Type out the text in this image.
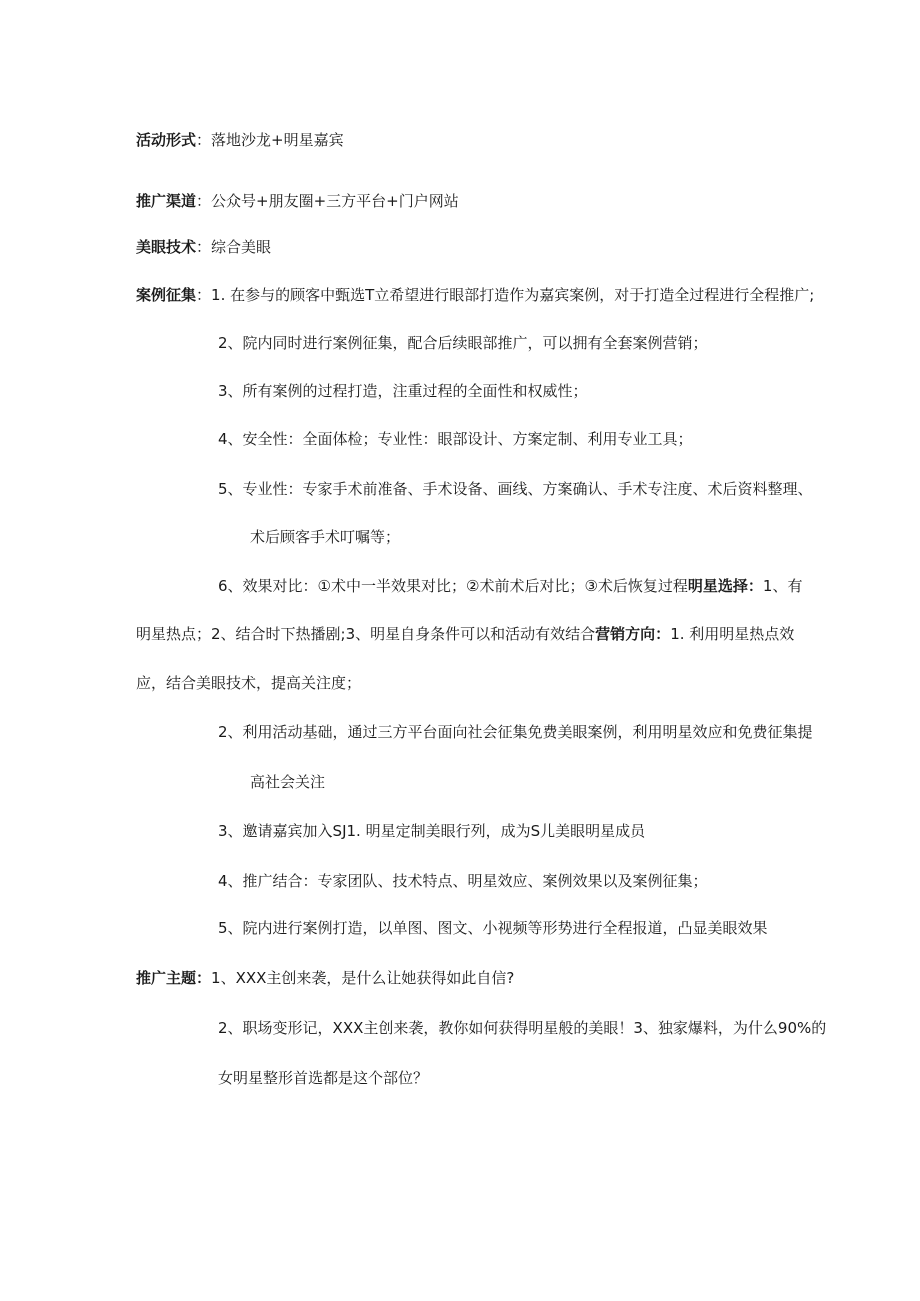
活动形式：落地沙龙+明星嘉宾
推广渠道：公众号+朋友圈+三方平台+门户网站
美眼技术：综合美眼
案例征集：1. 在参与的顾客中甄选T立希望进行眼部打造作为嘉宾案例，对于打造全过程进行全程推广;
2、院内同时进行案例征集，配合后续眼部推广，可以拥有全套案例营销；
3、所有案例的过程打造，注重过程的全面性和权威性；
4、安全性：全面体检；专业性：眼部设计、方案定制、利用专业工具；
5、专业性：专家手术前准备、手术设备、画线、方案确认、手术专注度、术后资料整理、
术后顾客手术叮嘱等；
6、效果对比：①术中一半效果对比；②术前术后对比；③术后恢复过程明星选择：1、有
明星热点；2、结合时下热播剧;3、明星自身条件可以和活动有效结合营销方向：1. 利用明星热点效
应，结合美眼技术，提高关注度；
2、利用活动基础，通过三方平台面向社会征集免费美眼案例，利用明星效应和免费征集提
高社会关注
3、邀请嘉宾加入SJ1. 明星定制美眼行列，成为S儿美眼明星成员
4、推广结合：专家团队、技术特点、明星效应、案例效果以及案例征集；
5、院内进行案例打造，以单图、图文、小视频等形势进行全程报道，凸显美眼效果
推广主题：1、XXX主创来袭，是什么让她获得如此自信?
2、职场变形记，XXX主创来袭，教你如何获得明星般的美眼！3、独家爆料，为什么90%的
女明星整形首选都是这个部位？
